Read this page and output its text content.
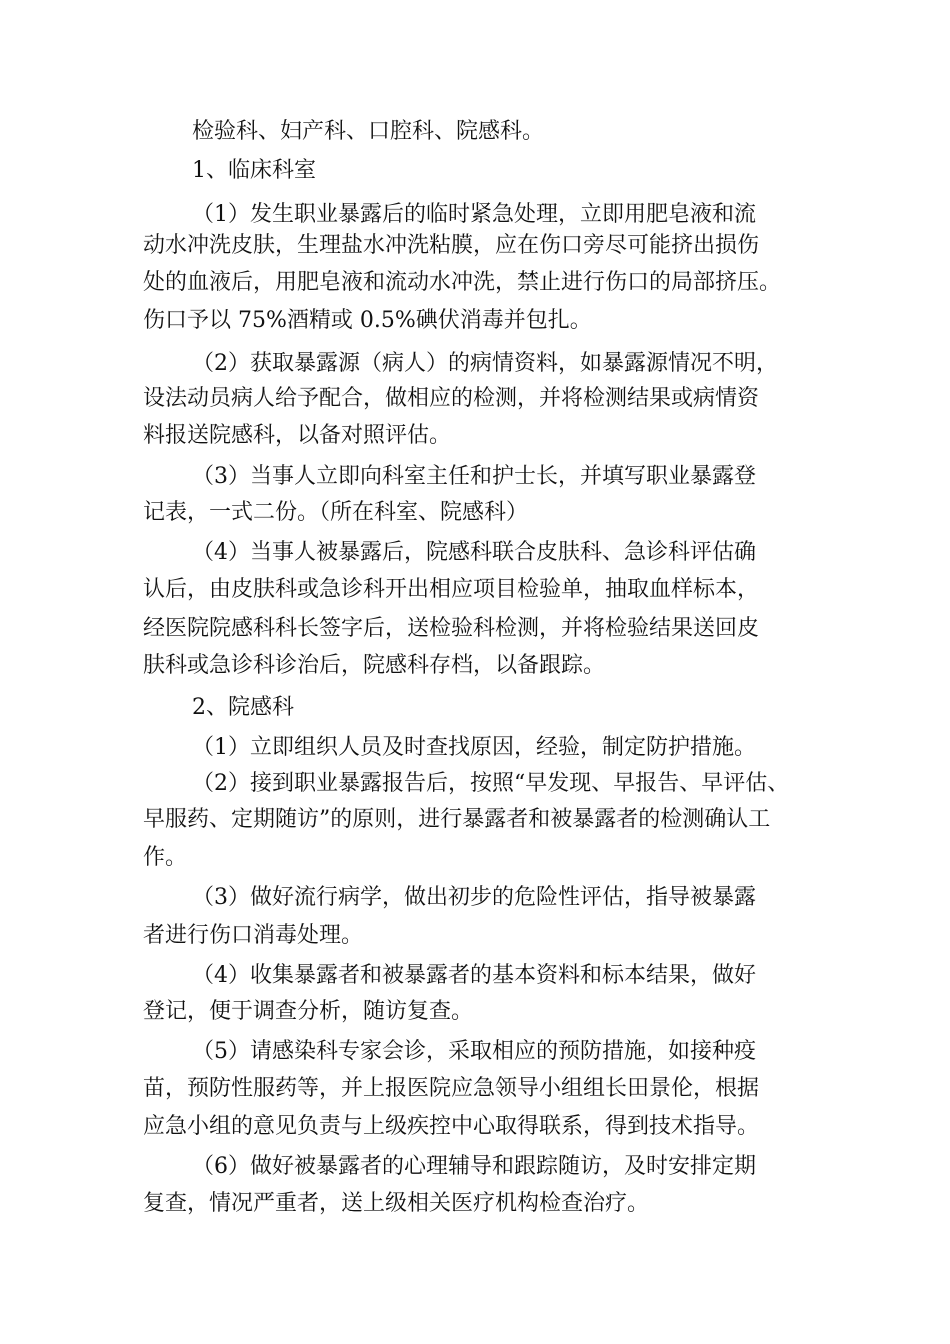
检验科、妇产科、口腔科、院感科。
1、临床科室
（1）发生职业暴露后的临时紧急处理，立即用肥皂液和流
动水冲洗皮肤，生理盐水冲洗粘膜，应在伤口旁尽可能挤出损伤
处的血液后，用肥皂液和流动水冲洗，禁止进行伤口的局部挤压。
伤口予以 75%酒精或 0.5%碘伏消毒并包扎。
（2）获取暴露源（病人）的病情资料，如暴露源情况不明，
设法动员病人给予配合，做相应的检测，并将检测结果或病情资
料报送院感科，以备对照评估。
（3）当事人立即向科室主任和护士长，并填写职业暴露登
记表，一式二份。（所在科室、院感科）
（4）当事人被暴露后，院感科联合皮肤科、急诊科评估确
认后，由皮肤科或急诊科开出相应项目检验单，抽取血样标本，
经医院院感科科长签字后，送检验科检测，并将检验结果送回皮
肤科或急诊科诊治后，院感科存档，以备跟踪。
2、院感科
（1）立即组织人员及时查找原因，经验，制定防护措施。
（2）接到职业暴露报告后，按照“早发现、早报告、早评估、
早服药、定期随访”的原则，进行暴露者和被暴露者的检测确认工
作。
（3）做好流行病学，做出初步的危险性评估，指导被暴露
者进行伤口消毒处理。
（4）收集暴露者和被暴露者的基本资料和标本结果，做好
登记，便于调查分析，随访复查。
（5）请感染科专家会诊，采取相应的预防措施，如接种疫
苗，预防性服药等，并上报医院应急领导小组组长田景伦，根据
应急小组的意见负责与上级疾控中心取得联系，得到技术指导。
（6）做好被暴露者的心理辅导和跟踪随访，及时安排定期
复查，情况严重者，送上级相关医疗机构检查治疗。
